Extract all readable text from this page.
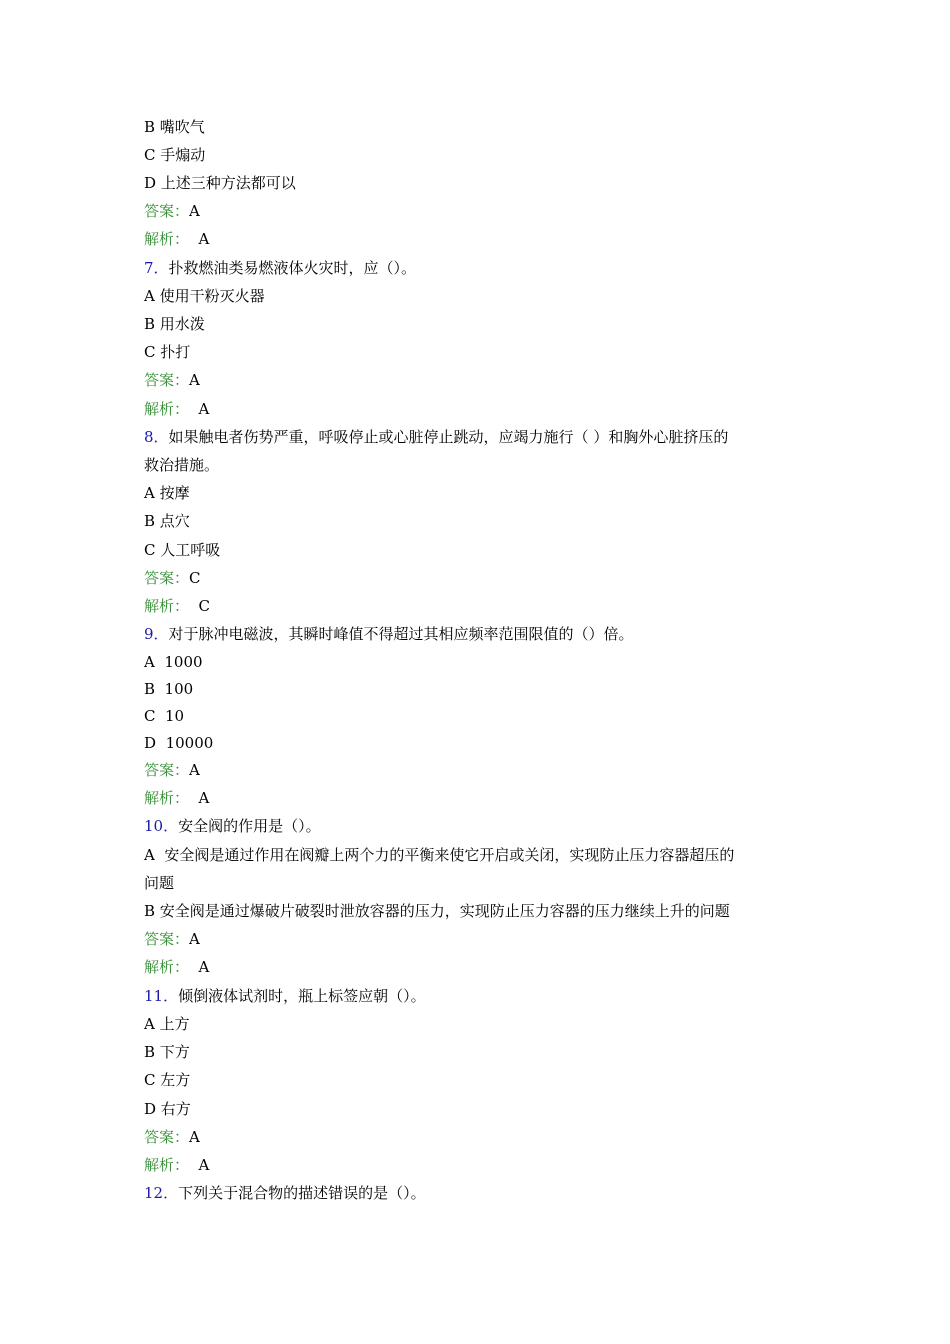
B 嘴吹气
C 手煽动
D 上述三种方法都可以
答案：A
解析：  A
7．扑救燃油类易燃液体火灾时，应（）。
A 使用干粉灭火器
B 用水泼
C 扑打
答案：A
解析：  A
8．如果触电者伤势严重，呼吸停止或心脏停止跳动，应竭力施行（ ）和胸外心脏挤压的
救治措施。
A 按摩
B 点穴
C 人工呼吸
答案：C
解析：  C
9．对于脉冲电磁波，其瞬时峰值不得超过其相应频率范围限值的（）倍。
A  1000
B  100
C  10
D  10000
答案：A
解析：  A
10．安全阀的作用是（）。
A  安全阀是通过作用在阀瓣上两个力的平衡来使它开启或关闭，实现防止压力容器超压的
问题
B 安全阀是通过爆破片破裂时泄放容器的压力，实现防止压力容器的压力继续上升的问题
答案：A
解析：  A
11．倾倒液体试剂时，瓶上标签应朝（）。
A 上方
B 下方
C 左方
D 右方
答案：A
解析：  A
12．下列关于混合物的描述错误的是（）。
